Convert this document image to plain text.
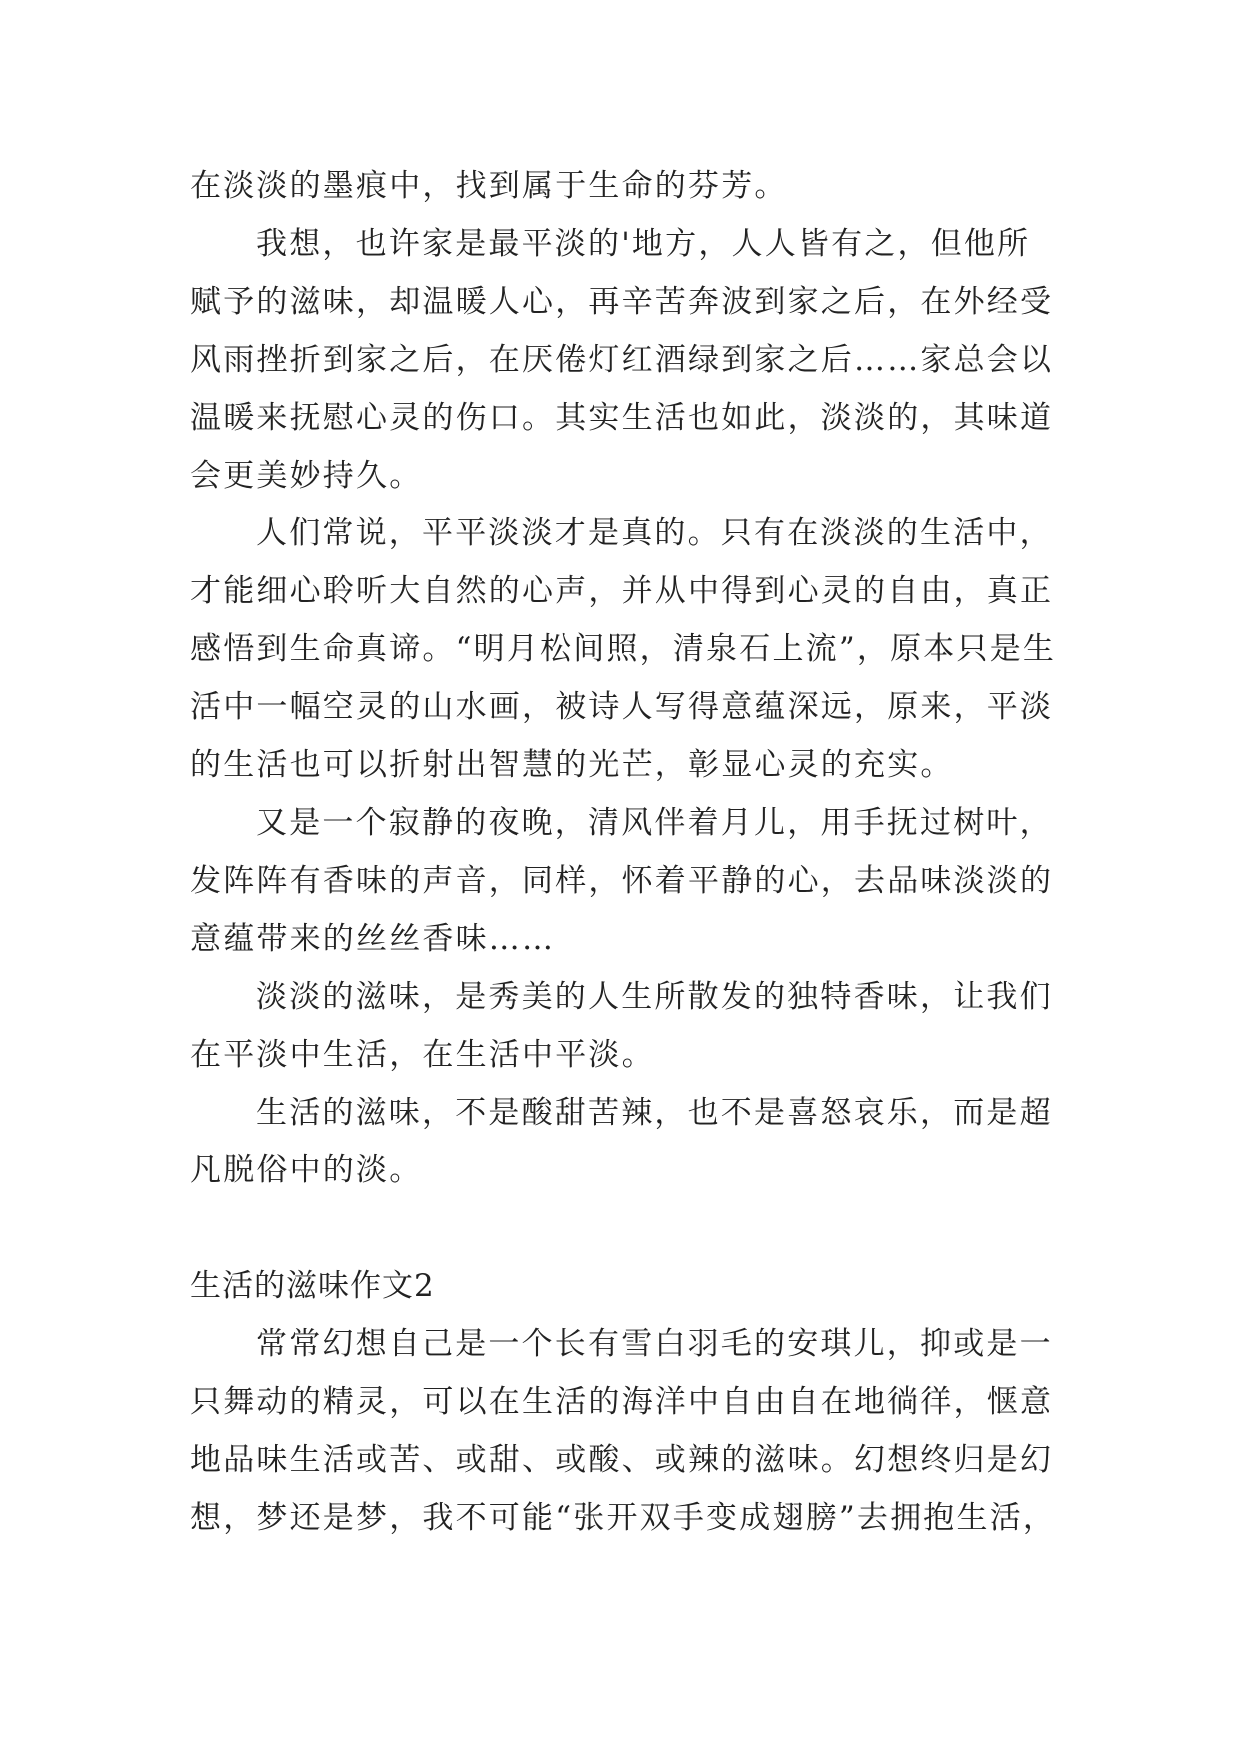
在淡淡的墨痕中，找到属于生命的芬芳。

我想，也许家是最平淡的'地方，人人皆有之，但他所赋予的滋味，却温暖人心，再辛苦奔波到家之后，在外经受风雨挫折到家之后，在厌倦灯红酒绿到家之后……家总会以温暖来抚慰心灵的伤口。其实生活也如此，淡淡的，其味道会更美妙持久。

人们常说，平平淡淡才是真的。只有在淡淡的生活中，才能细心聆听大自然的心声，并从中得到心灵的自由，真正感悟到生命真谛。“明月松间照，清泉石上流”，原本只是生活中一幅空灵的山水画，被诗人写得意蕴深远，原来，平淡的生活也可以折射出智慧的光芒，彰显心灵的充实。

又是一个寂静的夜晚，清风伴着月儿，用手抚过树叶，发阵阵有香味的声音，同样，怀着平静的心，去品味淡淡的意蕴带来的丝丝香味……

淡淡的滋味，是秀美的人生所散发的独特香味，让我们在平淡中生活，在生活中平淡。

生活的滋味，不是酸甜苦辣，也不是喜怒哀乐，而是超凡脱俗中的淡。

生活的滋味作文2

常常幻想自己是一个长有雪白羽毛的安琪儿，抑或是一只舞动的精灵，可以在生活的海洋中自由自在地徜徉，惬意地品味生活或苦、或甜、或酸、或辣的滋味。幻想终归是幻想，梦还是梦，我不可能“张开双手变成翅膀”去拥抱生活，
